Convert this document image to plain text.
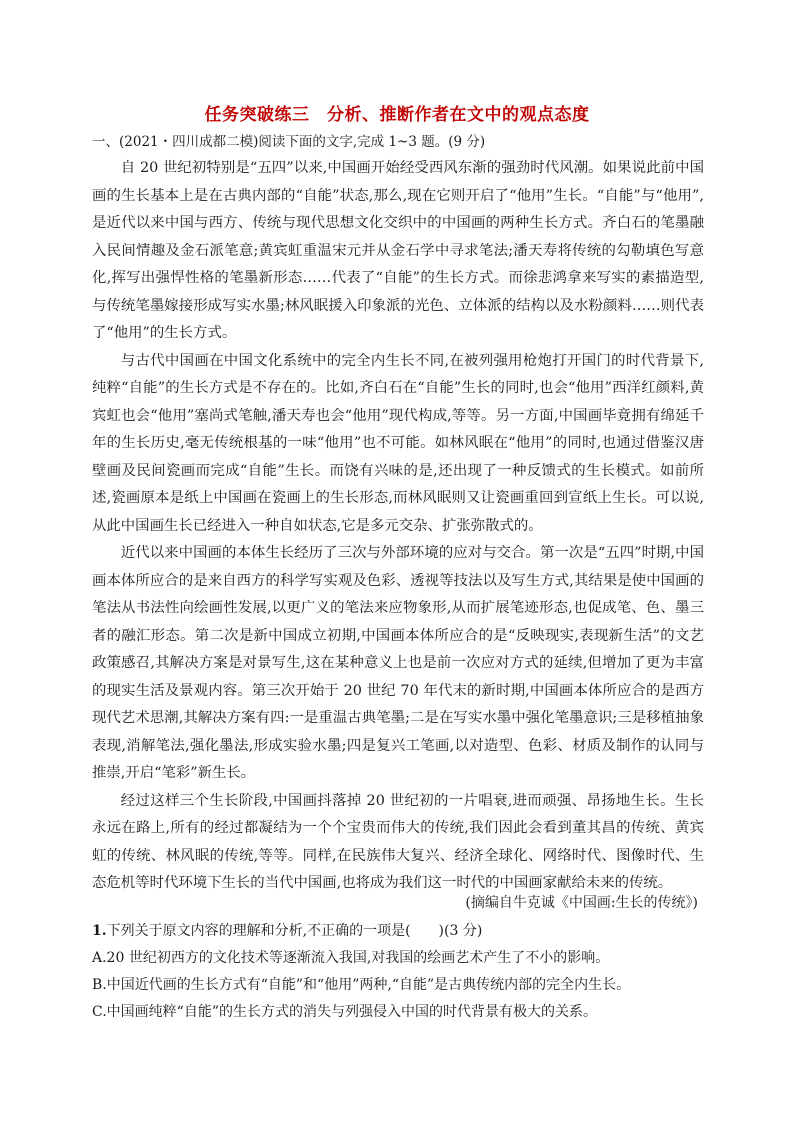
任务突破练三　分析、推断作者在文中的观点态度
一、(2021・四川成都二模)阅读下面的文字,完成 1~3 题。(9 分)

自 20 世纪初特别是“五四”以来,中国画开始经受西风东渐的强劲时代风潮。如果说此前中国画的生长基本上是在古典内部的“自能”状态,那么,现在它则开启了“他用”生长。“自能”与“他用”,是近代以来中国与西方、传统与现代思想文化交织中的中国画的两种生长方式。齐白石的笔墨融入民间情趣及金石派笔意;黄宾虹重温宋元并从金石学中寻求笔法;潘天寿将传统的勾勒填色写意化,挥写出强悍性格的笔墨新形态……代表了“自能”的生长方式。而徐悲鸿拿来写实的素描造型,与传统笔墨嫁接形成写实水墨;林风眠援入印象派的光色、立体派的结构以及水粉颜料……则代表了“他用”的生长方式。

与古代中国画在中国文化系统中的完全内生长不同,在被列强用枪炮打开国门的时代背景下,纯粹“自能”的生长方式是不存在的。比如,齐白石在“自能”生长的同时,也会“他用”西洋红颜料,黄宾虹也会“他用”塞尚式笔触,潘天寿也会“他用”现代构成,等等。另一方面,中国画毕竟拥有绵延千年的生长历史,毫无传统根基的一味“他用”也不可能。如林风眠在“他用”的同时,也通过借鉴汉唐壁画及民间瓷画而完成“自能”生长。而饶有兴味的是,还出现了一种反馈式的生长模式。如前所述,瓷画原本是纸上中国画在瓷画上的生长形态,而林风眠则又让瓷画重回到宣纸上生长。可以说,从此中国画生长已经进入一种自如状态,它是多元交杂、扩张弥散式的。

近代以来中国画的本体生长经历了三次与外部环境的应对与交合。第一次是“五四”时期,中国画本体所应合的是来自西方的科学写实观及色彩、透视等技法以及写生方式,其结果是使中国画的笔法从书法性向绘画性发展,以更广义的笔法来应物象形,从而扩展笔迹形态,也促成笔、色、墨三者的融汇形态。第二次是新中国成立初期,中国画本体所应合的是“反映现实,表现新生活”的文艺政策感召,其解决方案是对景写生,这在某种意义上也是前一次应对方式的延续,但增加了更为丰富的现实生活及景观内容。第三次开始于 20 世纪 70 年代末的新时期,中国画本体所应合的是西方现代艺术思潮,其解决方案有四:一是重温古典笔墨;二是在写实水墨中强化笔墨意识;三是移植抽象表现,消解笔法,强化墨法,形成实验水墨;四是复兴工笔画,以对造型、色彩、材质及制作的认同与推崇,开启“笔彩”新生长。

经过这样三个生长阶段,中国画抖落掉 20 世纪初的一片唱衰,进而顽强、昂扬地生长。生长永远在路上,所有的经过都凝结为一个个宝贵而伟大的传统,我们因此会看到董其昌的传统、黄宾虹的传统、林风眠的传统,等等。同样,在民族伟大复兴、经济全球化、网络时代、图像时代、生态危机等时代环境下生长的当代中国画,也将成为我们这一时代的中国画家献给未来的传统。

(摘编自牛克诚《中国画:生长的传统》)

1.下列关于原文内容的理解和分析,不正确的一项是(　　)(3 分)

A.20 世纪初西方的文化技术等逐渐流入我国,对我国的绘画艺术产生了不小的影响。

B.中国近代画的生长方式有“自能”和“他用”两种,“自能”是古典传统内部的完全内生长。

C.中国画纯粹“自能”的生长方式的消失与列强侵入中国的时代背景有极大的关系。
